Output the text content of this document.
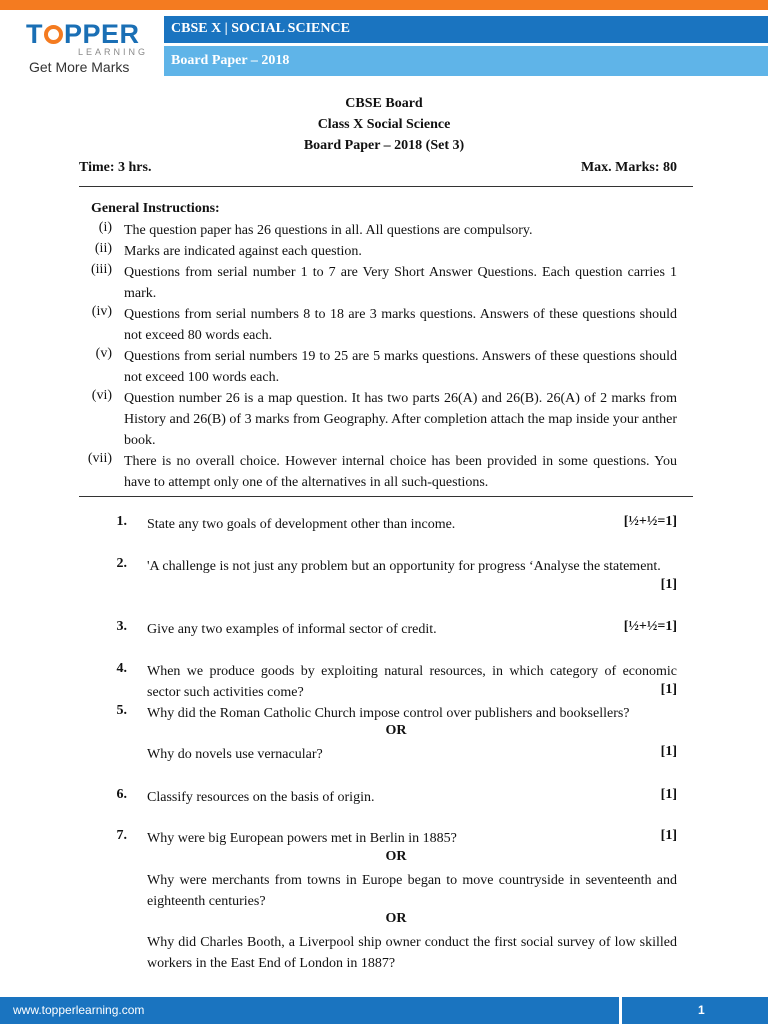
T PPER
LEARNING
Get More Marks
CBSE X | SOCIAL SCIENCE
Board Paper – 2018
CBSE Board
Class X Social Science
Board Paper – 2018 (Set 3)
Time: 3 hrs.	Max. Marks: 80
General Instructions:
(i) The question paper has 26 questions in all. All questions are compulsory.
(ii) Marks are indicated against each question.
(iii) Questions from serial number 1 to 7 are Very Short Answer Questions. Each question carries 1 mark.
(iv) Questions from serial numbers 8 to 18 are 3 marks questions. Answers of these questions should not exceed 80 words each.
(v) Questions from serial numbers 19 to 25 are 5 marks questions. Answers of these questions should not exceed 100 words each.
(vi) Question number 26 is a map question. It has two parts 26(A) and 26(B). 26(A) of 2 marks from History and 26(B) of 3 marks from Geography. After completion attach the map inside your anther book.
(vii) There is no overall choice. However internal choice has been provided in some questions. You have to attempt only one of the alternatives in all such-questions.
1. State any two goals of development other than income.	[½+½=1]
2. 'A challenge is not just any problem but an opportunity for progress ‘Analyse the statement.
[1]
3. Give any two examples of informal sector of credit.	[½+½=1]
4. When we produce goods by exploiting natural resources, in which category of economic sector such activities come?	[1]
5. Why did the Roman Catholic Church impose control over publishers and booksellers?
OR
Why do novels use vernacular?	[1]
6. Classify resources on the basis of origin.	[1]
7. Why were big European powers met in Berlin in 1885?	[1]
OR
Why were merchants from towns in Europe began to move countryside in seventeenth and eighteenth centuries?
OR
Why did Charles Booth, a Liverpool ship owner conduct the first social survey of low skilled workers in the East End of London in 1887?
www.topperlearning.com	1
